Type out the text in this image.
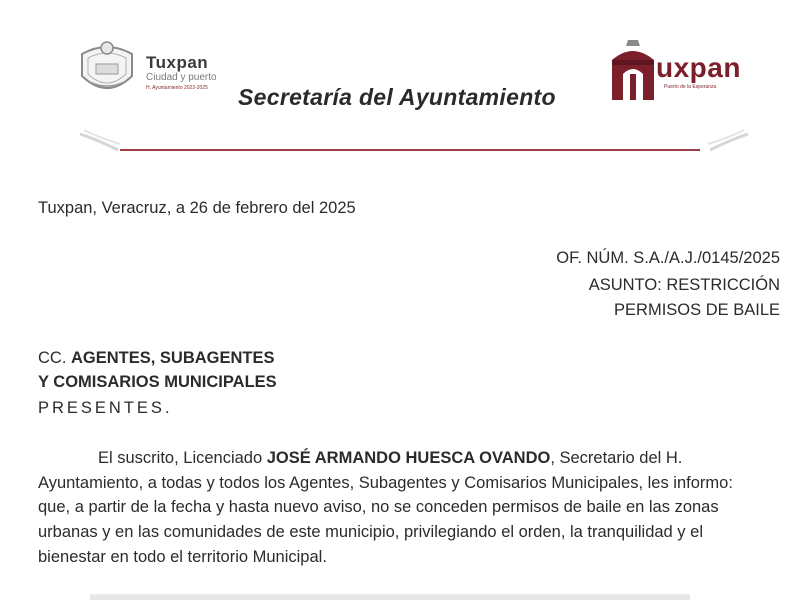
Tuxpan
Ciudad y puerto
H. Ayuntamiento 2022-2025	Secretaría del Ayuntamiento
uxpan
Puerto de la Esperanza
Tuxpan, Veracruz, a 26 de febrero del 2025
OF. NÚM. S.A./A.J./0145/2025
ASUNTO: RESTRICCIÓN
PERMISOS DE BAILE
CC. AGENTES, SUBAGENTES
Y COMISARIOS MUNICIPALES
PRESENTES.

El suscrito, Licenciado JOSÉ ARMANDO HUESCA OVANDO, Secretario del H.

Ayuntamiento, a todas y todos los Agentes, Subagentes y Comisarios Municipales, les informo:

que, a partir de la fecha y hasta nuevo aviso, no se conceden permisos de baile en las zonas

urbanas y en las comunidades de este municipio, privilegiando el orden, la tranquilidad y el

bienestar en todo el territorio Municipal.
